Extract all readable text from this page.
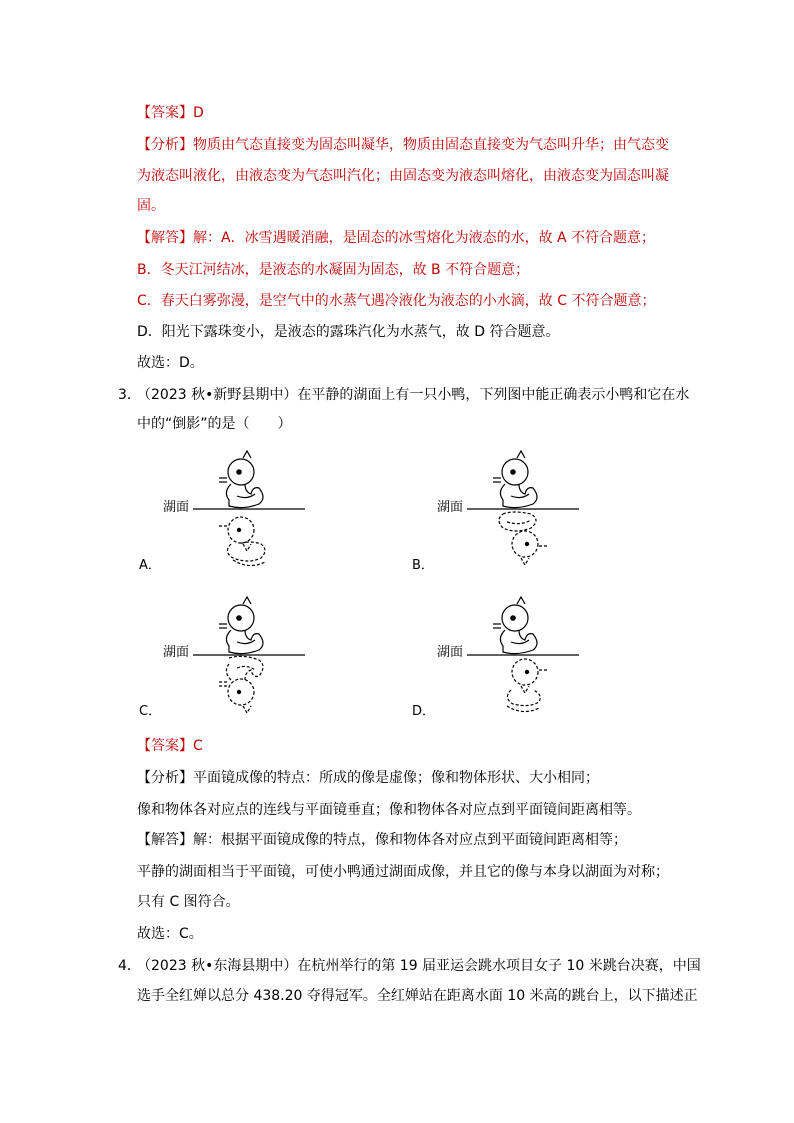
【答案】D
【分析】物质由气态直接变为固态叫凝华，物质由固态直接变为气态叫升华；由气态变
为液态叫液化，由液态变为气态叫汽化；由固态变为液态叫熔化，由液态变为固态叫凝
固。
【解答】解：A．冰雪遇暖消融，是固态的冰雪熔化为液态的水，故 A 不符合题意；
B．冬天江河结冰，是液态的水凝固为固态，故 B 不符合题意；
C．春天白雾弥漫，是空气中的水蒸气遇冷液化为液态的小水滴，故 C 不符合题意；
D．阳光下露珠变小，是液态的露珠汽化为水蒸气，故 D 符合题意。
故选：D。
3．
（2023 秋•新野县期中）在平静的湖面上有一只小鸭，下列图中能正确表示小鸭和它在水
中的“倒影”的是（　　）
湖面
A．
湖面
B．
湖面
C．
湖面
D．
【答案】C
【分析】平面镜成像的特点：所成的像是虚像；像和物体形状、大小相同；
像和物体各对应点的连线与平面镜垂直；像和物体各对应点到平面镜间距离相等。
【解答】解：根据平面镜成像的特点，像和物体各对应点到平面镜间距离相等；
平静的湖面相当于平面镜，可使小鸭通过湖面成像，并且它的像与本身以湖面为对称；
只有 C 图符合。
故选：C。
4．
（2023 秋•东海县期中）在杭州举行的第 19 届亚运会跳水项目女子 10 米跳台决赛，中国
选手全红婵以总分 438.20 夺得冠军。全红婵站在距离水面 10 米高的跳台上，以下描述正
